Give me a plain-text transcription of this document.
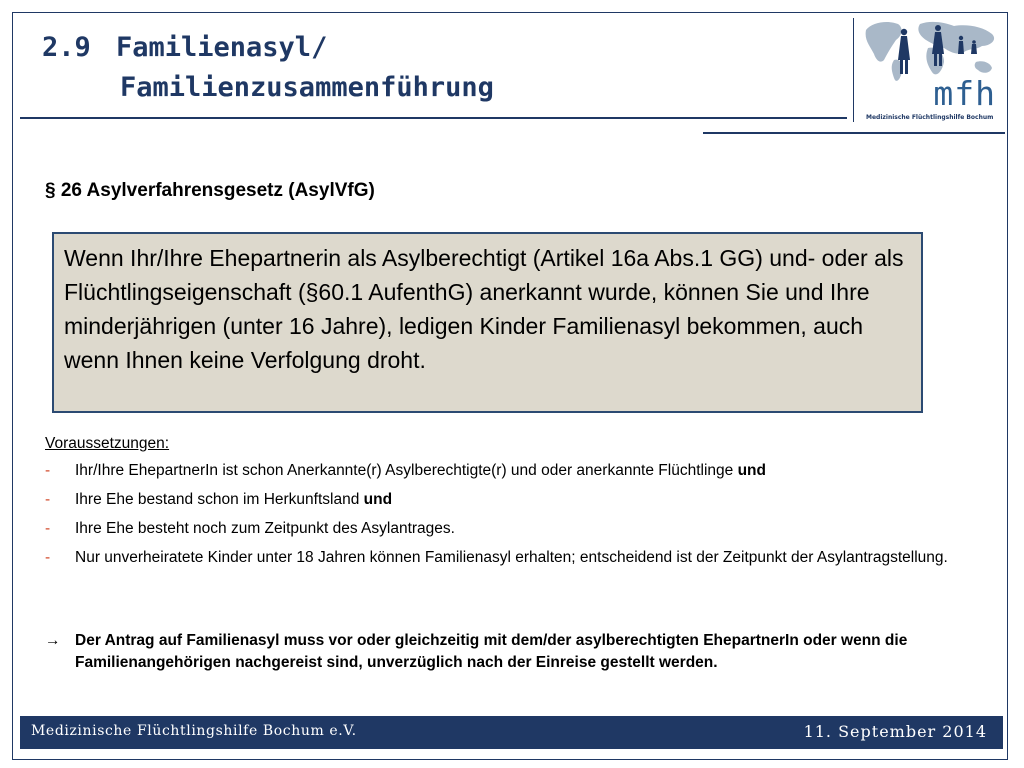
2.9 Familienasyl/
Familienzusammenführung	mfh
Medizinische Flüchtlingshilfe Bochum
§ 26 Asylverfahrensgesetz (AsylVfG)
Wenn Ihr/Ihre Ehepartnerin als Asylberechtigt (Artikel 16a Abs.1 GG) und- oder als Flüchtlingseigenschaft (§60.1 AufenthG) anerkannt wurde, können Sie und Ihre minderjährigen (unter 16 Jahre), ledigen Kinder Familienasyl bekommen, auch wenn Ihnen keine Verfolgung droht.
Voraussetzungen:
- Ihr/Ihre EhepartnerIn ist schon Anerkannte(r) Asylberechtigte(r) und oder anerkannte Flüchtlinge und
- Ihre Ehe bestand schon im Herkunftsland und
- Ihre Ehe besteht noch zum Zeitpunkt des Asylantrages.
- Nur unverheiratete Kinder unter 18 Jahren können Familienasyl erhalten; entscheidend ist der Zeitpunkt der Asylantragstellung.
→ Der Antrag auf Familienasyl muss vor oder gleichzeitig mit dem/der asylberechtigten EhepartnerIn oder wenn die Familienangehörigen nachgereist sind, unverzüglich nach der Einreise gestellt werden.
Medizinische Flüchtlingshilfe Bochum e.V.	11. September 2014
